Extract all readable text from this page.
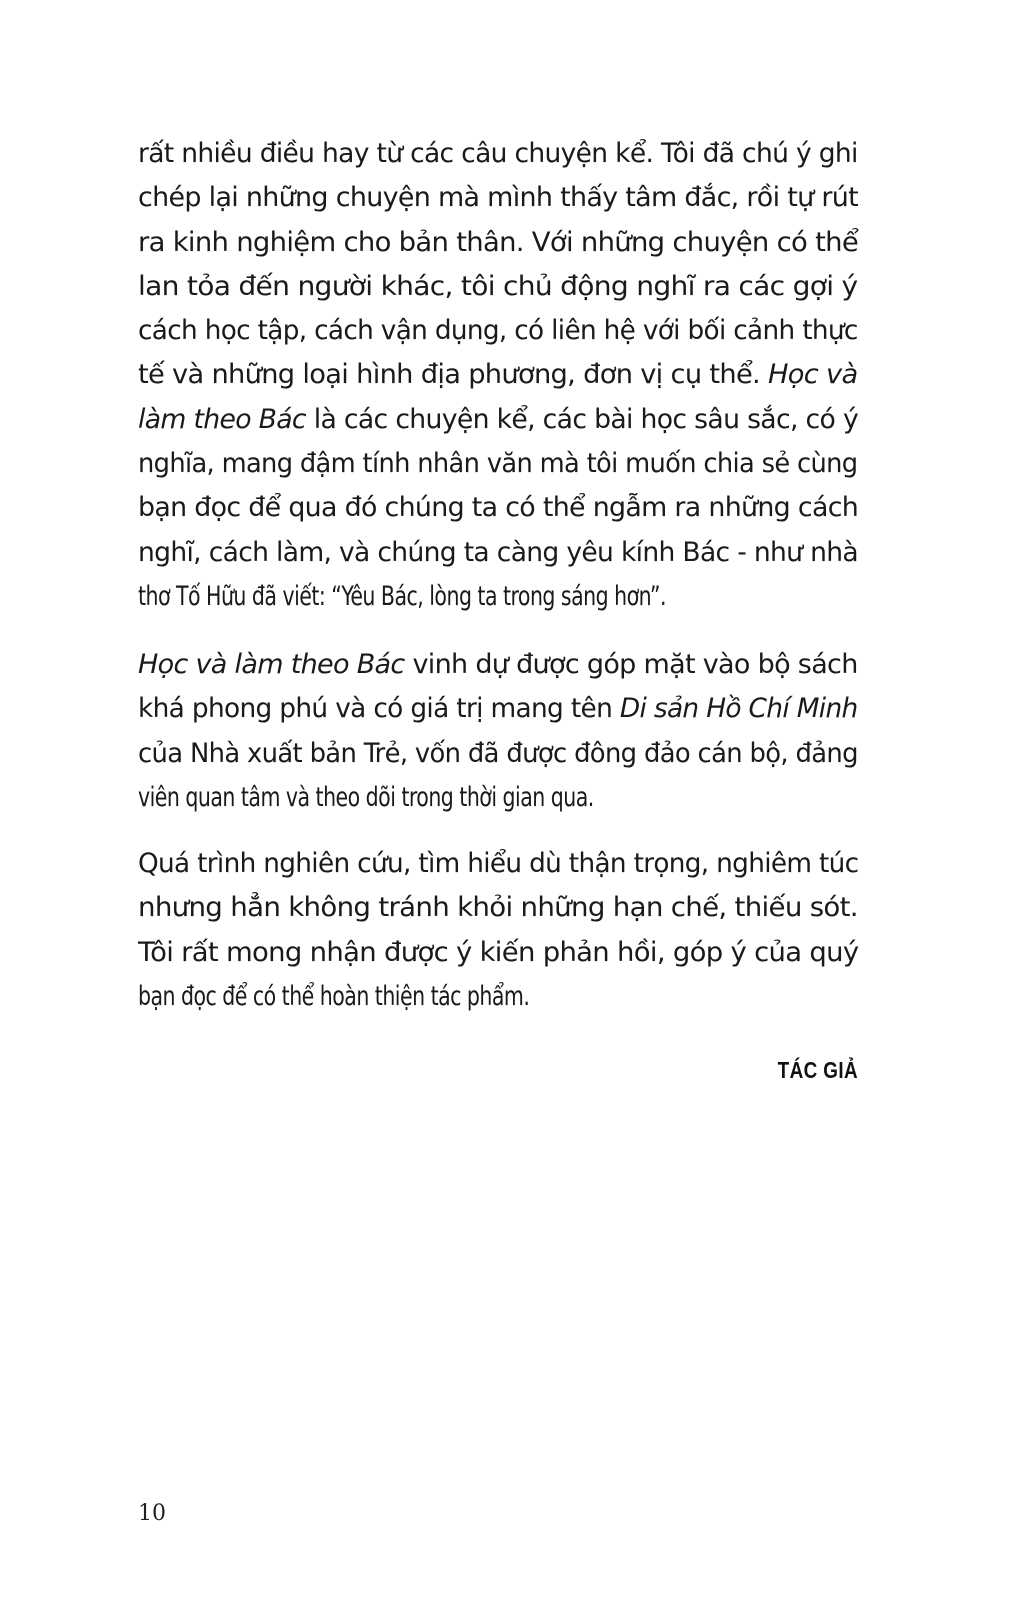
rất nhiều điều hay từ các câu chuyện kể. Tôi đã chú ý ghi
chép lại những chuyện mà mình thấy tâm đắc, rồi tự rút
ra kinh nghiệm cho bản thân. Với những chuyện có thể
lan tỏa đến người khác, tôi chủ động nghĩ ra các gợi ý
cách học tập, cách vận dụng, có liên hệ với bối cảnh thực
tế và những loại hình địa phương, đơn vị cụ thể. Học và
làm theo Bác là các chuyện kể, các bài học sâu sắc, có ý
nghĩa, mang đậm tính nhân văn mà tôi muốn chia sẻ cùng
bạn đọc để qua đó chúng ta có thể ngẫm ra những cách
nghĩ, cách làm, và chúng ta càng yêu kính Bác - như nhà
thơ Tố Hữu đã viết: “Yêu Bác, lòng ta trong sáng hơn”.
Học và làm theo Bác vinh dự được góp mặt vào bộ sách
khá phong phú và có giá trị mang tên Di sản Hồ Chí Minh
của Nhà xuất bản Trẻ, vốn đã được đông đảo cán bộ, đảng
viên quan tâm và theo dõi trong thời gian qua.
Quá trình nghiên cứu, tìm hiểu dù thận trọng, nghiêm túc
nhưng hẳn không tránh khỏi những hạn chế, thiếu sót.
Tôi rất mong nhận được ý kiến phản hồi, góp ý của quý
bạn đọc để có thể hoàn thiện tác phẩm.
TÁC GIẢ
10
